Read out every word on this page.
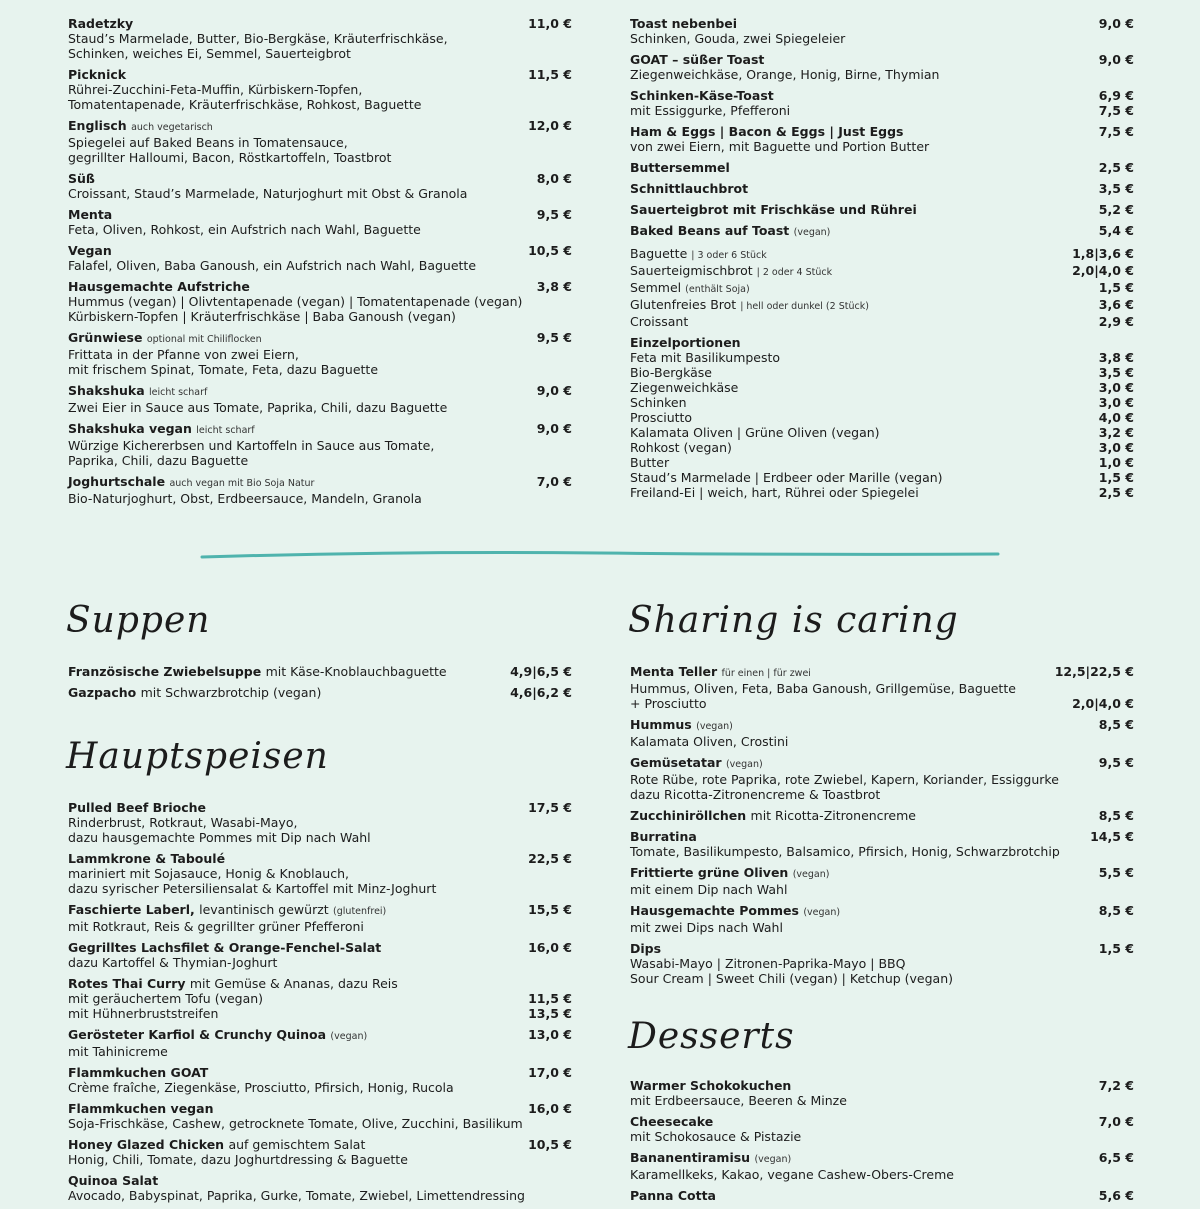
Radetzky	11,0 €
Staud’s Marmelade, Butter, Bio-Bergkäse, Kräuterfrischkäse,
Schinken, weiches Ei, Semmel, Sauerteigbrot
Picknick	11,5 €
Rührei-Zucchini-Feta-Muffin, Kürbiskern-Topfen,
Tomatentapenade, Kräuterfrischkäse, Rohkost, Baguette
Englisch auch vegetarisch	12,0 €
Spiegelei auf Baked Beans in Tomatensauce,
gegrillter Halloumi, Bacon, Röstkartoffeln, Toastbrot
Süß	8,0 €
Croissant, Staud’s Marmelade, Naturjoghurt mit Obst & Granola
Menta	9,5 €
Feta, Oliven, Rohkost, ein Aufstrich nach Wahl, Baguette
Vegan	10,5 €
Falafel, Oliven, Baba Ganoush, ein Aufstrich nach Wahl, Baguette
Hausgemachte Aufstriche	3,8 €
Hummus (vegan) | Olivtentapenade (vegan) | Tomatentapenade (vegan)
Kürbiskern-Topfen | Kräuterfrischkäse | Baba Ganoush (vegan)
Grünwiese optional mit Chiliflocken	9,5 €
Frittata in der Pfanne von zwei Eiern,
mit frischem Spinat, Tomate, Feta, dazu Baguette
Shakshuka leicht scharf	9,0 €
Zwei Eier in Sauce aus Tomate, Paprika, Chili, dazu Baguette
Shakshuka vegan leicht scharf	9,0 €
Würzige Kichererbsen und Kartoffeln in Sauce aus Tomate,
Paprika, Chili, dazu Baguette
Joghurtschale auch vegan mit Bio Soja Natur	7,0 €
Bio-Naturjoghurt, Obst, Erdbeersauce, Mandeln, Granola
Toast nebenbei	9,0 €
Schinken, Gouda, zwei Spiegeleier
GOAT – süßer Toast	9,0 €
Ziegenweichkäse, Orange, Honig, Birne, Thymian
Schinken-Käse-Toast	6,9 €
mit Essiggurke, Pfefferoni	7,5 €
Ham & Eggs | Bacon & Eggs | Just Eggs	7,5 €
von zwei Eiern, mit Baguette und Portion Butter
Buttersemmel	2,5 €
Schnittlauchbrot	3,5 €
Sauerteigbrot mit Frischkäse und Rührei	5,2 €
Baked Beans auf Toast (vegan)	5,4 €
Baguette | 3 oder 6 Stück	1,8|3,6 €
Sauerteigmischbrot | 2 oder 4 Stück	2,0|4,0 €
Semmel (enthält Soja)	1,5 €
Glutenfreies Brot | hell oder dunkel (2 Stück)	3,6 €
Croissant	2,9 €
Einzelportionen
Feta mit Basilikumpesto	3,8 €
Bio-Bergkäse	3,5 €
Ziegenweichkäse	3,0 €
Schinken	3,0 €
Prosciutto	4,0 €
Kalamata Oliven | Grüne Oliven (vegan)	3,2 €
Rohkost (vegan)	3,0 €
Butter	1,0 €
Staud’s Marmelade | Erdbeer oder Marille (vegan)	1,5 €
Freiland-Ei | weich, hart, Rührei oder Spiegelei	2,5 €
Suppen
Französische Zwiebelsuppe mit Käse-Knoblauchbaguette	4,9|6,5 €
Gazpacho mit Schwarzbrotchip (vegan)	4,6|6,2 €
Hauptspeisen
Pulled Beef Brioche	17,5 €
Rinderbrust, Rotkraut, Wasabi-Mayo,
dazu hausgemachte Pommes mit Dip nach Wahl
Lammkrone & Taboulé	22,5 €
mariniert mit Sojasauce, Honig & Knoblauch,
dazu syrischer Petersiliensalat & Kartoffel mit Minz-Joghurt
Faschierte Laberl, levantinisch gewürzt (glutenfrei)	15,5 €
mit Rotkraut, Reis & gegrillter grüner Pfefferoni
Gegrilltes Lachsfilet & Orange-Fenchel-Salat	16,0 €
dazu Kartoffel & Thymian-Joghurt
Rotes Thai Curry mit Gemüse & Ananas, dazu Reis
mit geräuchertem Tofu (vegan)	11,5 €
mit Hühnerbruststreifen	13,5 €
Gerösteter Karfiol & Crunchy Quinoa (vegan)	13,0 €
mit Tahinicreme
Flammkuchen GOAT	17,0 €
Crème fraîche, Ziegenkäse, Prosciutto, Pfirsich, Honig, Rucola
Flammkuchen vegan	16,0 €
Soja-Frischkäse, Cashew, getrocknete Tomate, Olive, Zucchini, Basilikum
Honey Glazed Chicken auf gemischtem Salat	10,5 €
Honig, Chili, Tomate, dazu Joghurtdressing & Baguette
Quinoa Salat
Avocado, Babyspinat, Paprika, Gurke, Tomate, Zwiebel, Limettendressing
Sharing is caring
Menta Teller für einen | für zwei	12,5|22,5 €
Hummus, Oliven, Feta, Baba Ganoush, Grillgemüse, Baguette
+ Prosciutto	2,0|4,0 €
Hummus (vegan)	8,5 €
Kalamata Oliven, Crostini
Gemüsetatar (vegan)	9,5 €
Rote Rübe, rote Paprika, rote Zwiebel, Kapern, Koriander, Essiggurke
dazu Ricotta-Zitronencreme & Toastbrot
Zucchiniröllchen mit Ricotta-Zitronencreme	8,5 €
Burratina	14,5 €
Tomate, Basilikumpesto, Balsamico, Pfirsich, Honig, Schwarzbrotchip
Frittierte grüne Oliven (vegan)	5,5 €
mit einem Dip nach Wahl
Hausgemachte Pommes (vegan)	8,5 €
mit zwei Dips nach Wahl
Dips	1,5 €
Wasabi-Mayo | Zitronen-Paprika-Mayo | BBQ
Sour Cream | Sweet Chili (vegan) | Ketchup (vegan)
Desserts
Warmer Schokokuchen	7,2 €
mit Erdbeersauce, Beeren & Minze
Cheesecake	7,0 €
mit Schokosauce & Pistazie
Bananentiramisu (vegan)	6,5 €
Karamellkeks, Kakao, vegane Cashew-Obers-Creme
Panna Cotta	5,6 €
